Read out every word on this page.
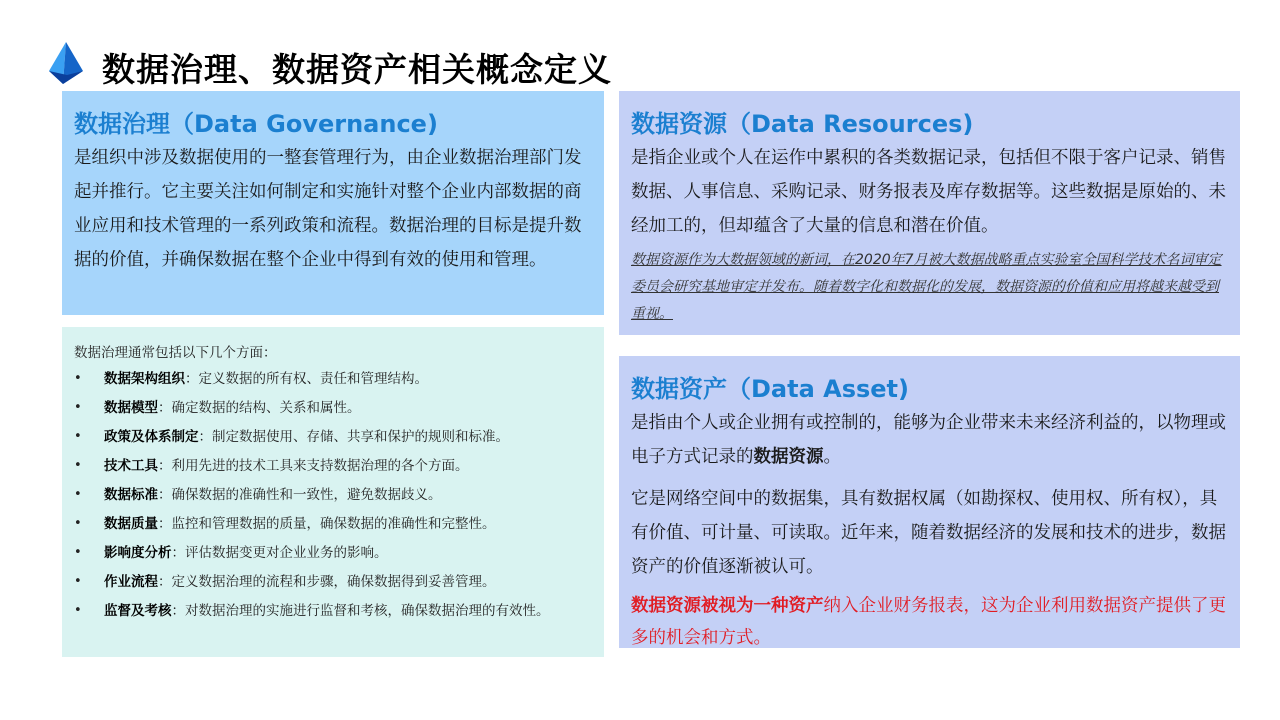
数据治理、数据资产相关概念定义
数据治理（Data Governance)
是组织中涉及数据使用的一整套管理行为，由企业数据治理部门发起并推行。它主要关注如何制定和实施针对整个企业内部数据的商业应用和技术管理的一系列政策和流程。数据治理的目标是提升数据的价值，并确保数据在整个企业中得到有效的使用和管理。
数据治理通常包括以下几个方面：
• 数据架构组织：定义数据的所有权、责任和管理结构。
• 数据模型：确定数据的结构、关系和属性。
• 政策及体系制定：制定数据使用、存储、共享和保护的规则和标准。
• 技术工具：利用先进的技术工具来支持数据治理的各个方面。
• 数据标准：确保数据的准确性和一致性，避免数据歧义。
• 数据质量：监控和管理数据的质量，确保数据的准确性和完整性。
• 影响度分析：评估数据变更对企业业务的影响。
• 作业流程：定义数据治理的流程和步骤，确保数据得到妥善管理。
• 监督及考核：对数据治理的实施进行监督和考核，确保数据治理的有效性。
数据资源（Data Resources)
是指企业或个人在运作中累积的各类数据记录，包括但不限于客户记录、销售数据、人事信息、采购记录、财务报表及库存数据等。这些数据是原始的、未经加工的，但却蕴含了大量的信息和潜在价值。
数据资源作为大数据领域的新词，在2020年7月被大数据战略重点实验室全国科学技术名词审定委员会研究基地审定并发布。随着数字化和数据化的发展，数据资源的价值和应用将越来越受到重视。
数据资产（Data Asset)
是指由个人或企业拥有或控制的，能够为企业带来未来经济利益的，以物理或电子方式记录的数据资源。
它是网络空间中的数据集，具有数据权属（如勘探权、使用权、所有权），具有价值、可计量、可读取。近年来，随着数据经济的发展和技术的进步，数据资产的价值逐渐被认可。
数据资源被视为一种资产纳入企业财务报表，这为企业利用数据资产提供了更多的机会和方式。
